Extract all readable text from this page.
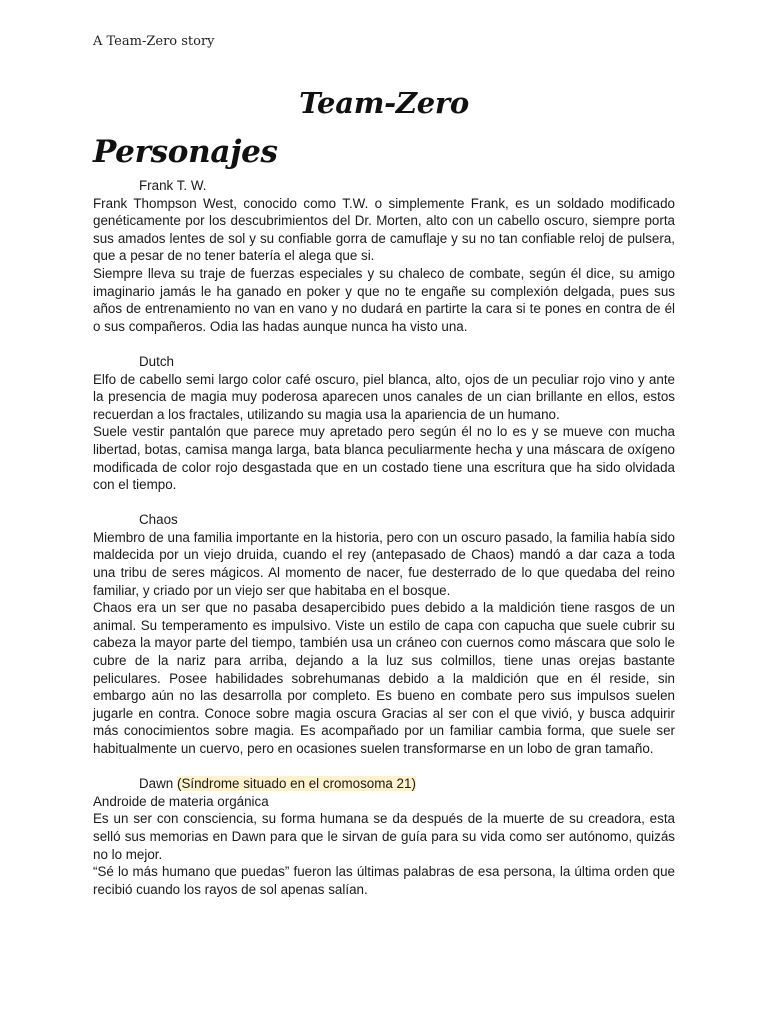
A Team-Zero story
Team-Zero
Personajes

Frank T. W.

Frank Thompson West, conocido como T.W. o simplemente Frank, es un soldado modificado genéticamente por los descubrimientos del Dr. Morten, alto con un cabello oscuro, siempre porta sus amados lentes de sol y su confiable gorra de camuflaje y su no tan confiable reloj de pulsera, que a pesar de no tener batería el alega que si.

Siempre lleva su traje de fuerzas especiales y su chaleco de combate, según él dice, su amigo imaginario jamás le ha ganado en poker y que no te engañe su complexión delgada, pues sus años de entrenamiento no van en vano y no dudará en partirte la cara si te pones en contra de él o sus compañeros. Odia las hadas aunque nunca ha visto una.

Dutch

Elfo de cabello semi largo color café oscuro, piel blanca, alto, ojos de un peculiar rojo vino y ante la presencia de magia muy poderosa aparecen unos canales de un cian brillante en ellos, estos recuerdan a los fractales, utilizando su magia usa la apariencia de un humano.

Suele vestir pantalón que parece muy apretado pero según él no lo es y se mueve con mucha libertad, botas, camisa manga larga, bata blanca peculiarmente hecha y una máscara de oxígeno modificada de color rojo desgastada que en un costado tiene una escritura que ha sido olvidada con el tiempo.

Chaos

Miembro de una familia importante en la historia, pero con un oscuro pasado, la familia había sido maldecida por un viejo druida, cuando el rey (antepasado de Chaos) mandó a dar caza a toda una tribu de seres mágicos. Al momento de nacer, fue desterrado de lo que quedaba del reino familiar, y criado por un viejo ser que habitaba en el bosque.

Chaos era un ser que no pasaba desapercibido pues debido a la maldición tiene rasgos de un animal. Su temperamento es impulsivo. Viste un estilo de capa con capucha que suele cubrir su cabeza la mayor parte del tiempo, también usa un cráneo con cuernos como máscara que solo le cubre de la nariz para arriba, dejando a la luz sus colmillos, tiene unas orejas bastante peliculares. Posee habilidades sobrehumanas debido a la maldición que en él reside, sin embargo aún no las desarrolla por completo. Es bueno en combate pero sus impulsos suelen jugarle en contra. Conoce sobre magia oscura Gracias al ser con el que vivió, y busca adquirir más conocimientos sobre magia. Es acompañado por un familiar cambia forma, que suele ser habitualmente un cuervo, pero en ocasiones suelen transformarse en un lobo de gran tamaño.

Dawn (Síndrome situado en el cromosoma 21)

Androide de materia orgánica

Es un ser con consciencia, su forma humana se da después de la muerte de su creadora, esta selló sus memorias en Dawn para que le sirvan de guía para su vida como ser autónomo, quizás no lo mejor.

“Sé lo más humano que puedas” fueron las últimas palabras de esa persona, la última orden que recibió cuando los rayos de sol apenas salían.
